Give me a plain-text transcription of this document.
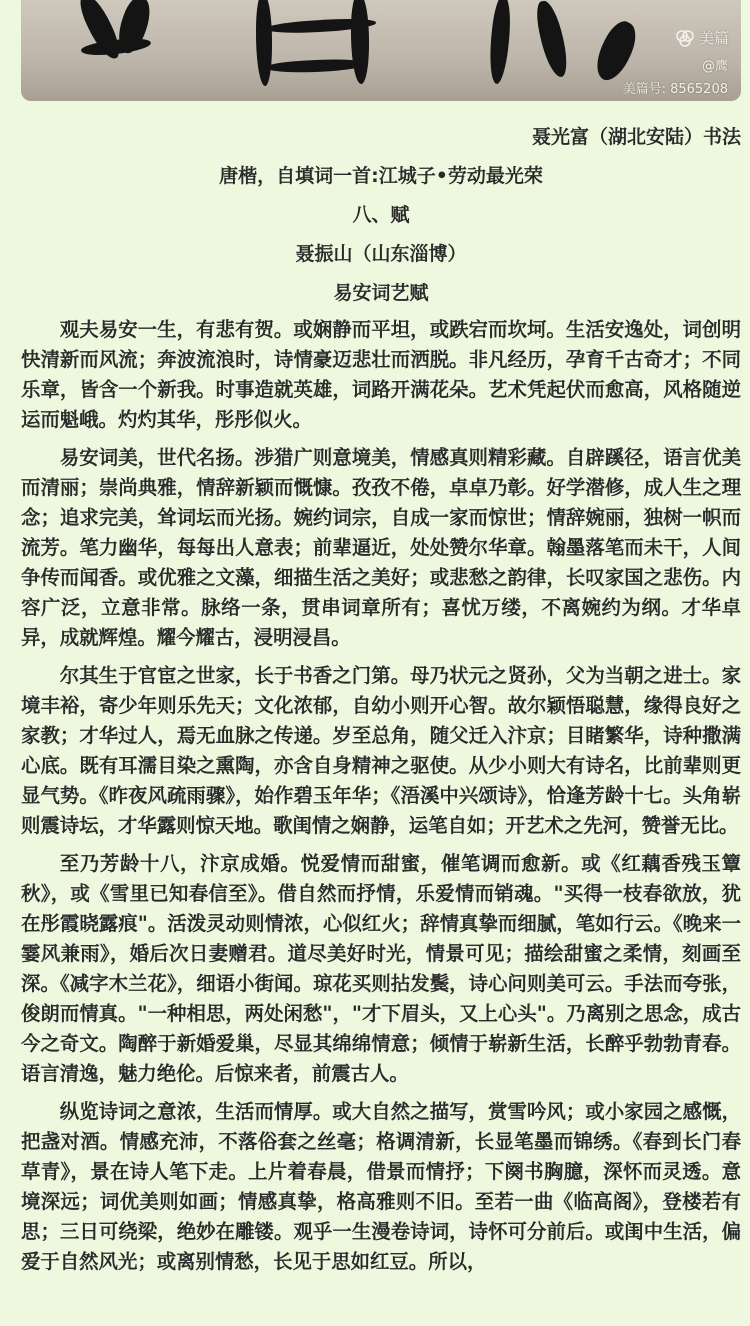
美篇
@鹰
美篇号: 8565208
聂光富（湖北安陆）书法
唐楷，自填词一首:江城子•劳动最光荣
八、赋
聂振山（山东淄博）
易安词艺赋

观夫易安一生，有悲有贺。或娴静而平坦，或跌宕而坎坷。生活安逸处，词创明快清新而风流；奔波流浪时，诗情豪迈悲壮而洒脱。非凡经历，孕育千古奇才；不同乐章，皆含一个新我。时事造就英雄，词路开满花朵。艺术凭起伏而愈高，风格随逆运而魁峨。灼灼其华，彤彤似火。

易安词美，世代名扬。涉猎广则意境美，情感真则精彩藏。自辟蹊径，语言优美而清丽；崇尚典雅，情辞新颖而慨慷。孜孜不倦，卓卓乃彰。好学潜修，成人生之理念；追求完美，耸词坛而光扬。婉约词宗，自成一家而惊世；情辞婉丽，独树一帜而流芳。笔力幽华，每每出人意表；前辈逼近，处处赞尔华章。翰墨落笔而未干，人间争传而闻香。或优雅之文藻，细描生活之美好；或悲愁之韵律，长叹家国之悲伤。内容广泛，立意非常。脉络一条，贯串词章所有；喜忧万缕，不离婉约为纲。才华卓异，成就辉煌。耀今耀古，浸明浸昌。

尔其生于官宦之世家，长于书香之门第。母乃状元之贤孙，父为当朝之进士。家境丰裕，寄少年则乐先天；文化浓郁，自幼小则开心智。故尔颖悟聪慧，缘得良好之家教；才华过人，焉无血脉之传递。岁至总角，随父迁入汴京；目睹繁华，诗种撒满心底。既有耳濡目染之熏陶，亦含自身精神之驱使。从少小则大有诗名，比前辈则更显气势。《昨夜风疏雨骤》，始作碧玉年华；《浯溪中兴颂诗》，恰逢芳龄十七。头角崭则震诗坛，才华露则惊天地。歌闺情之娴静，运笔自如；开艺术之先河，赞誉无比。

至乃芳龄十八，汴京成婚。悦爱情而甜蜜，催笔调而愈新。或《红藕香残玉簟秋》，或《雪里已知春信至》。借自然而抒情，乐爱情而销魂。"买得一枝春欲放，犹在彤霞晓露痕"。活泼灵动则情浓，心似红火；辞情真挚而细腻，笔如行云。《晚来一霎风兼雨》，婚后次日妻赠君。道尽美好时光，情景可见；描绘甜蜜之柔情，刻画至深。《减字木兰花》，细语小街闻。琼花买则拈发鬓，诗心问则美可云。手法而夸张，俊朗而情真。"一种相思，两处闲愁"，"才下眉头，又上心头"。乃离别之思念，成古今之奇文。陶醉于新婚爱巢，尽显其绵绵情意；倾情于崭新生活，长醉乎勃勃青春。语言清逸，魅力绝伦。后惊来者，前震古人。

纵览诗词之意浓，生活而情厚。或大自然之描写，赏雪吟风；或小家园之感慨，把盏对酒。情感充沛，不落俗套之丝毫；格调清新，长显笔墨而锦绣。《春到长门春草青》，景在诗人笔下走。上片着春晨，借景而情抒；下阕书胸臆，深怀而灵透。意境深远；词优美则如画；情感真挚，格高雅则不旧。至若一曲《临高阁》，登楼若有思；三日可绕梁，绝妙在雕镂。观乎一生漫卷诗词，诗怀可分前后。或闺中生活，偏爱于自然风光；或离别情愁，长见于思如红豆。所以，
